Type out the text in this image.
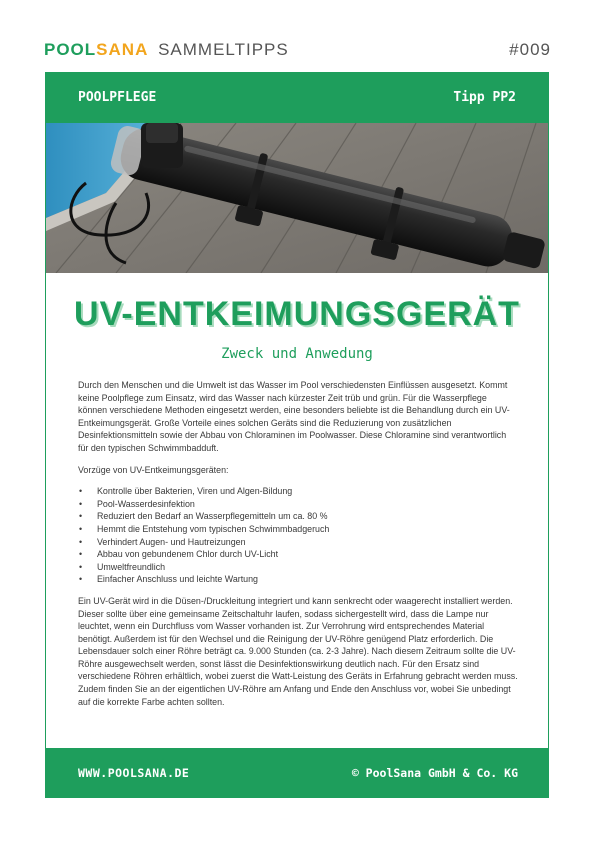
POOLSANA SAMMELTIPPS	#009
POOLPFLEGE	Tipp PP2
UV-ENTKEIMUNGSGERÄT
Zweck und Anwedung

Durch den Menschen und die Umwelt ist das Wasser im Pool verschiedensten Einflüssen ausgesetzt. Kommt keine Poolpflege zum Einsatz, wird das Wasser nach kürzester Zeit trüb und grün. Für die Wasserpflege können verschiedene Methoden eingesetzt werden, eine besonders beliebte ist die Behandlung durch ein UV-Entkeimungsgerät. Große Vorteile eines solchen Geräts sind die Reduzierung von zusätzlichen Desinfektionsmitteln sowie der Abbau von Chloraminen im Poolwasser. Diese Chloramine sind verantwortlich für den typischen Schwimmbadduft.

Vorzüge von UV-Entkeimungsgeräten:

• Kontrolle über Bakterien, Viren und Algen-Bildung
• Pool-Wasserdesinfektion
• Reduziert den Bedarf an Wasserpflegemitteln um ca. 80 %
• Hemmt die Entstehung vom typischen Schwimmbadgeruch
• Verhindert Augen- und Hautreizungen
• Abbau von gebundenem Chlor durch UV-Licht
• Umweltfreundlich
• Einfacher Anschluss und leichte Wartung

Ein UV-Gerät wird in die Düsen-/Druckleitung integriert und kann senkrecht oder waagerecht installiert werden. Dieser sollte über eine gemeinsame Zeitschaltuhr laufen, sodass sichergestellt wird, dass die Lampe nur leuchtet, wenn ein Durchfluss vom Wasser vorhanden ist. Zur Verrohrung wird entsprechendes Material benötigt. Außerdem ist für den Wechsel und die Reinigung der UV-Röhre genügend Platz erforderlich. Die Lebensdauer solch einer Röhre beträgt ca. 9.000 Stunden (ca. 2-3 Jahre). Nach diesem Zeitraum sollte die UV-Röhre ausgewechselt werden, sonst lässt die Desinfektionswirkung deutlich nach. Für den Ersatz sind verschiedene Röhren erhältlich, wobei zuerst die Watt-Leistung des Geräts in Erfahrung gebracht werden muss. Zudem finden Sie an der eigentlichen UV-Röhre am Anfang und Ende den Anschluss vor, wobei Sie unbedingt auf die korrekte Farbe achten sollten.

WWW.POOLSANA.DE	© PoolSana GmbH & Co. KG
